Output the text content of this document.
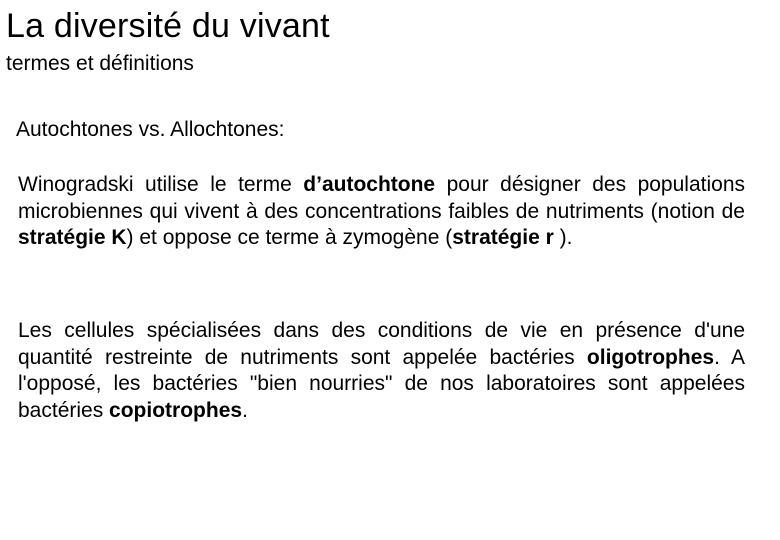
La diversité du vivant
termes et définitions
Autochtones vs. Allochtones:

Winogradski utilise le terme d’autochtone pour désigner des populations microbiennes qui vivent à des concentrations faibles de nutriments (notion de stratégie K) et oppose ce terme à zymogène (stratégie r ).

Les cellules spécialisées dans des conditions de vie en présence d'une quantité restreinte de nutriments sont appelée bactéries oligotrophes. A l'opposé, les bactéries "bien nourries" de nos laboratoires sont appelées bactéries copiotrophes.
